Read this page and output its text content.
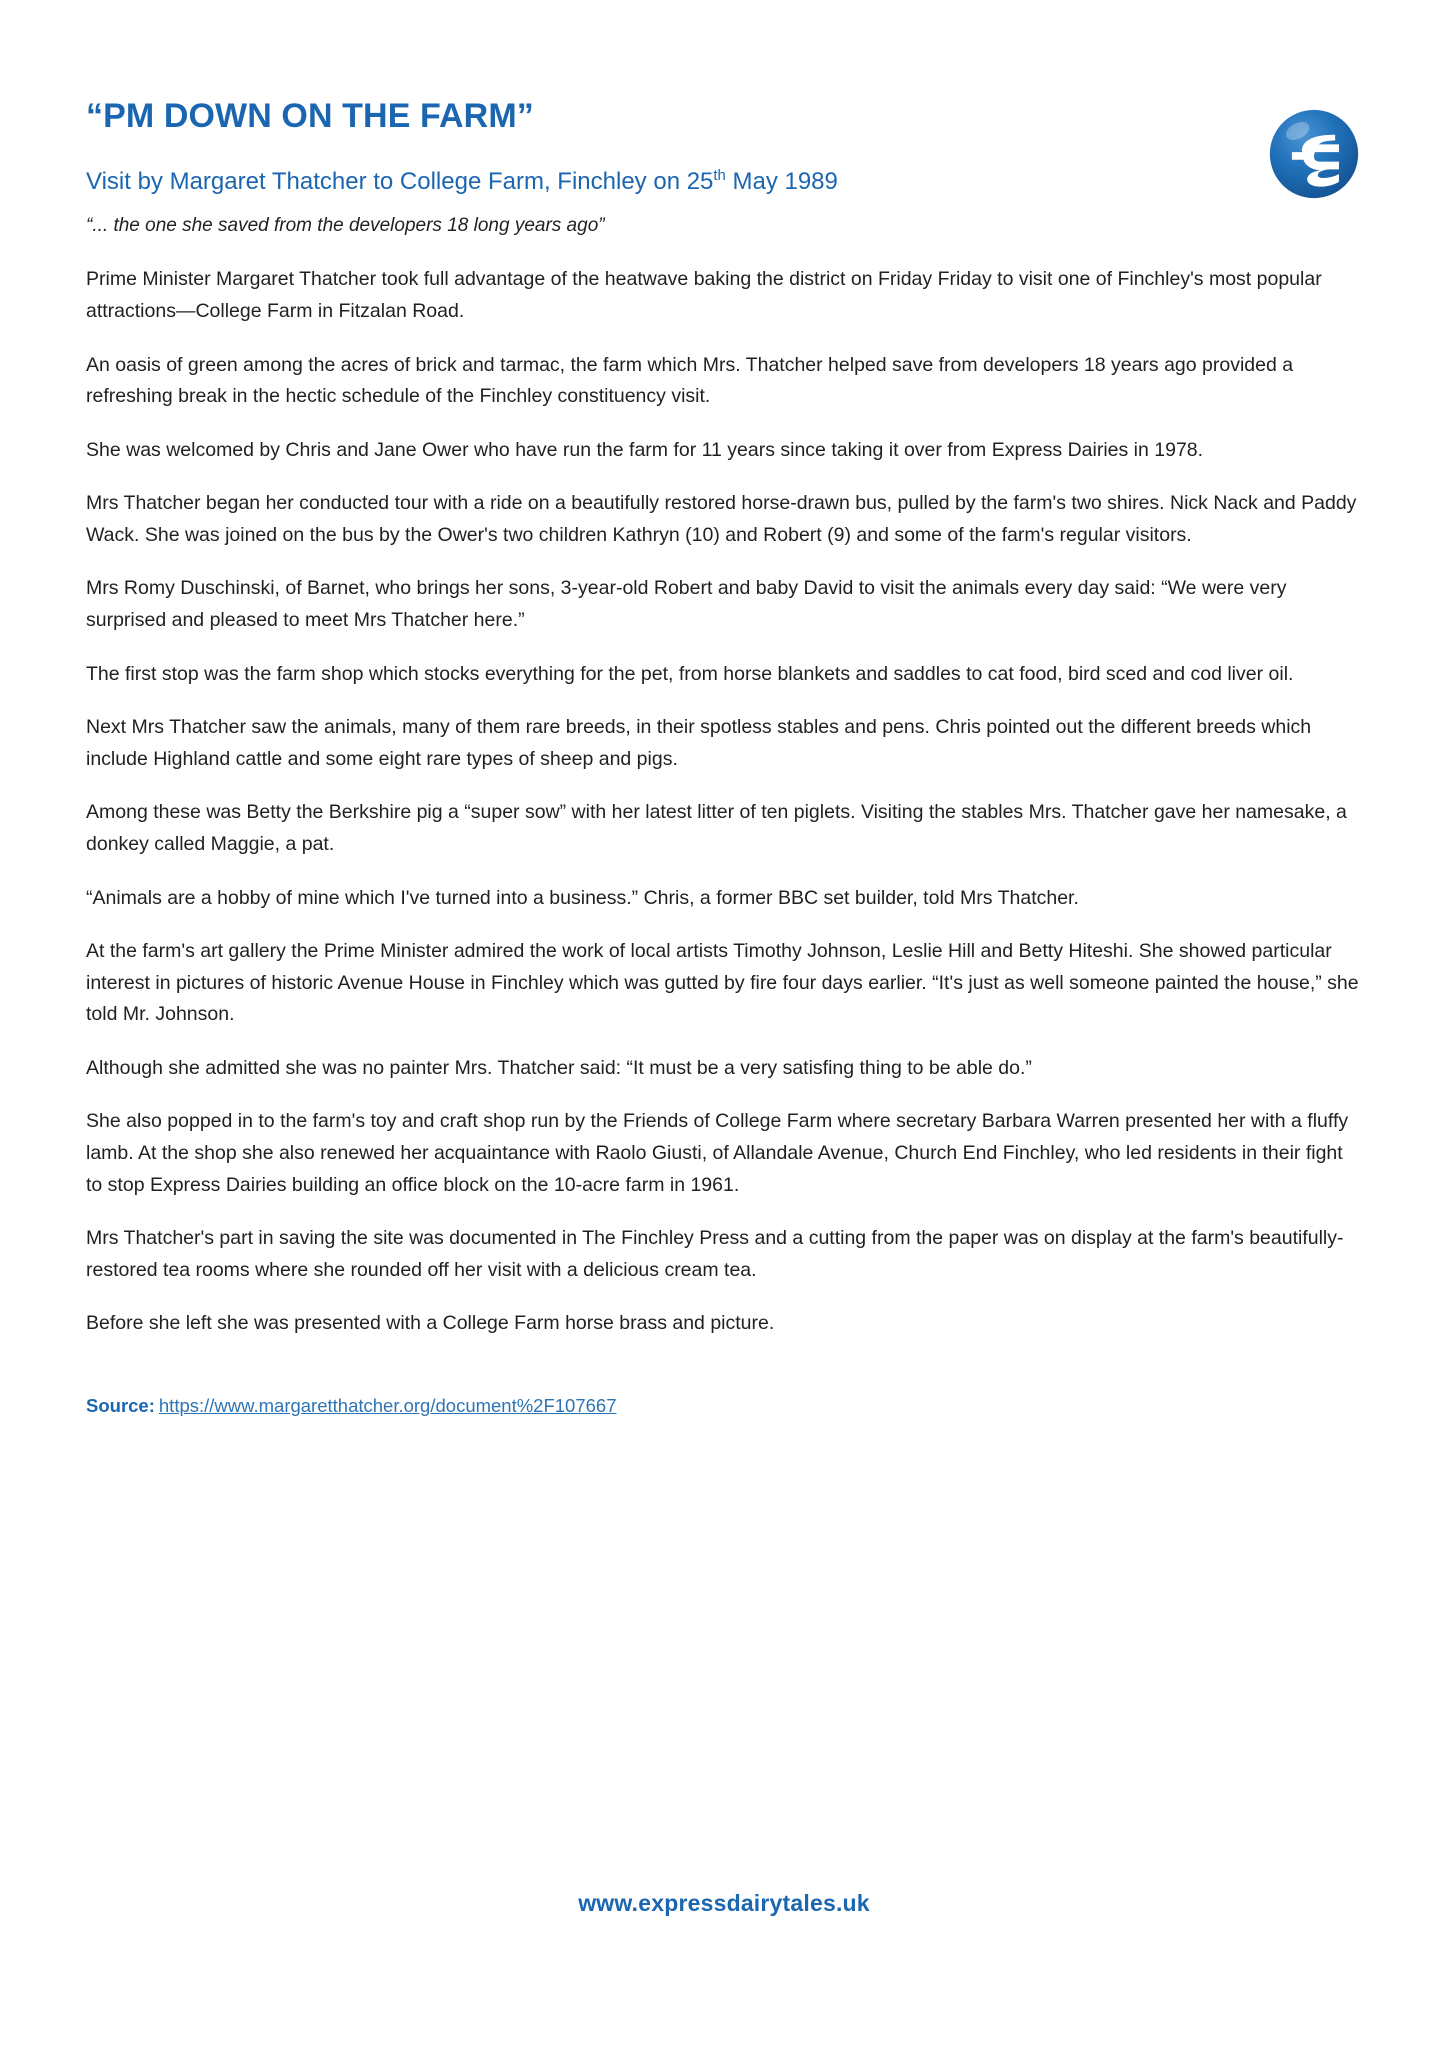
“PM DOWN ON THE FARM”
Visit by Margaret Thatcher to College Farm, Finchley on 25th May 1989

“... the one she saved from the developers 18 long years ago”

Prime Minister Margaret Thatcher took full advantage of the heatwave baking the district on Friday Friday to visit one of Finchley's most popular attractions—College Farm in Fitzalan Road.

An oasis of green among the acres of brick and tarmac, the farm which Mrs. Thatcher helped save from developers 18 years ago provided a refreshing break in the hectic schedule of the Finchley constituency visit.

She was welcomed by Chris and Jane Ower who have run the farm for 11 years since taking it over from Express Dairies in 1978.

Mrs Thatcher began her conducted tour with a ride on a beautifully restored horse-drawn bus, pulled by the farm's two shires. Nick Nack and Paddy Wack. She was joined on the bus by the Ower's two children Kathryn (10) and Robert (9) and some of the farm's regular visitors.

Mrs Romy Duschinski, of Barnet, who brings her sons, 3-year-old Robert and baby David to visit the animals every day said: “We were very surprised and pleased to meet Mrs Thatcher here.”

The first stop was the farm shop which stocks everything for the pet, from horse blankets and saddles to cat food, bird sced and cod liver oil.

Next Mrs Thatcher saw the animals, many of them rare breeds, in their spotless stables and pens. Chris pointed out the different breeds which include Highland cattle and some eight rare types of sheep and pigs.

Among these was Betty the Berkshire pig a “super sow” with her latest litter of ten piglets. Visiting the stables Mrs. Thatcher gave her namesake, a donkey called Maggie, a pat.

“Animals are a hobby of mine which I've turned into a business.” Chris, a former BBC set builder, told Mrs Thatcher.

At the farm's art gallery the Prime Minister admired the work of local artists Timothy Johnson, Leslie Hill and Betty Hiteshi. She showed particular interest in pictures of historic Avenue House in Finchley which was gutted by fire four days earlier. “It's just as well someone painted the house,” she told Mr. Johnson.

Although she admitted she was no painter Mrs. Thatcher said: “It must be a very satisfing thing to be able do.”

She also popped in to the farm's toy and craft shop run by the Friends of College Farm where secretary Barbara Warren presented her with a fluffy lamb. At the shop she also renewed her acquaintance with Raolo Giusti, of Allandale Avenue, Church End Finchley, who led residents in their fight to stop Express Dairies building an office block on the 10-acre farm in 1961.

Mrs Thatcher's part in saving the site was documented in The Finchley Press and a cutting from the paper was on display at the farm's beautifully-restored tea rooms where she rounded off her visit with a delicious cream tea.

Before she left she was presented with a College Farm horse brass and picture.

Source: https://www.margaretthatcher.org/document%2F107667
www.expressdairytales.uk
